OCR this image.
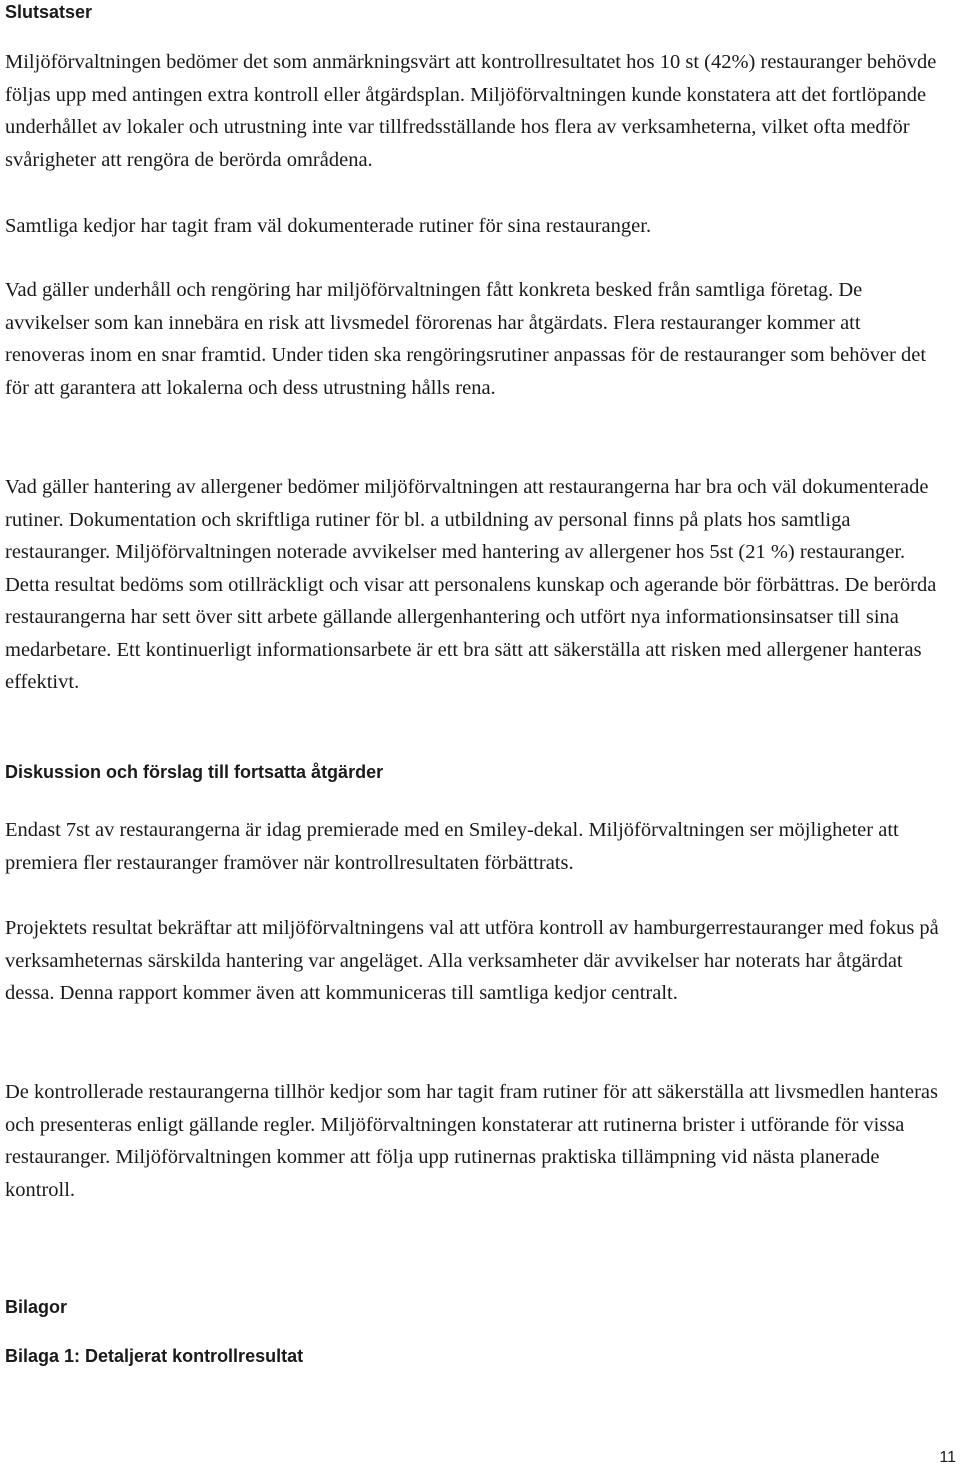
Slutsatser

Miljöförvaltningen bedömer det som anmärkningsvärt att kontrollresultatet hos 10 st (42%) restauranger behövde följas upp med antingen extra kontroll eller åtgärdsplan. Miljöförvaltningen kunde konstatera att det fortlöpande underhållet av lokaler och utrustning inte var tillfredsställande hos flera av verksamheterna, vilket ofta medför svårigheter att rengöra de berörda områdena.

Samtliga kedjor har tagit fram väl dokumenterade rutiner för sina restauranger.

Vad gäller underhåll och rengöring har miljöförvaltningen fått konkreta besked från samtliga företag. De avvikelser som kan innebära en risk att livsmedel förorenas har åtgärdats. Flera restauranger kommer att renoveras inom en snar framtid. Under tiden ska rengöringsrutiner anpassas för de restauranger som behöver det för att garantera att lokalerna och dess utrustning hålls rena.

Vad gäller hantering av allergener bedömer miljöförvaltningen att restaurangerna har bra och väl dokumenterade rutiner. Dokumentation och skriftliga rutiner för bl. a utbildning av personal finns på plats hos samtliga restauranger. Miljöförvaltningen noterade avvikelser med hantering av allergener hos 5st (21 %) restauranger. Detta resultat bedöms som otillräckligt och visar att personalens kunskap och agerande bör förbättras. De berörda restaurangerna har sett över sitt arbete gällande allergenhantering och utfört nya informationsinsatser till sina medarbetare. Ett kontinuerligt informationsarbete är ett bra sätt att säkerställa att risken med allergener hanteras effektivt.

Diskussion och förslag till fortsatta åtgärder

Endast 7st av restaurangerna är idag premierade med en Smiley-dekal. Miljöförvaltningen ser möjligheter att premiera fler restauranger framöver när kontrollresultaten förbättrats.

Projektets resultat bekräftar att miljöförvaltningens val att utföra kontroll av hamburgerrestauranger med fokus på verksamheternas särskilda hantering var angeläget. Alla verksamheter där avvikelser har noterats har åtgärdat dessa. Denna rapport kommer även att kommuniceras till samtliga kedjor centralt.

De kontrollerade restaurangerna tillhör kedjor som har tagit fram rutiner för att säkerställa att livsmedlen hanteras och presenteras enligt gällande regler. Miljöförvaltningen konstaterar att rutinerna brister i utförande för vissa restauranger. Miljöförvaltningen kommer att följa upp rutinernas praktiska tillämpning vid nästa planerade kontroll.

Bilagor
Bilaga 1: Detaljerat kontrollresultat
11
